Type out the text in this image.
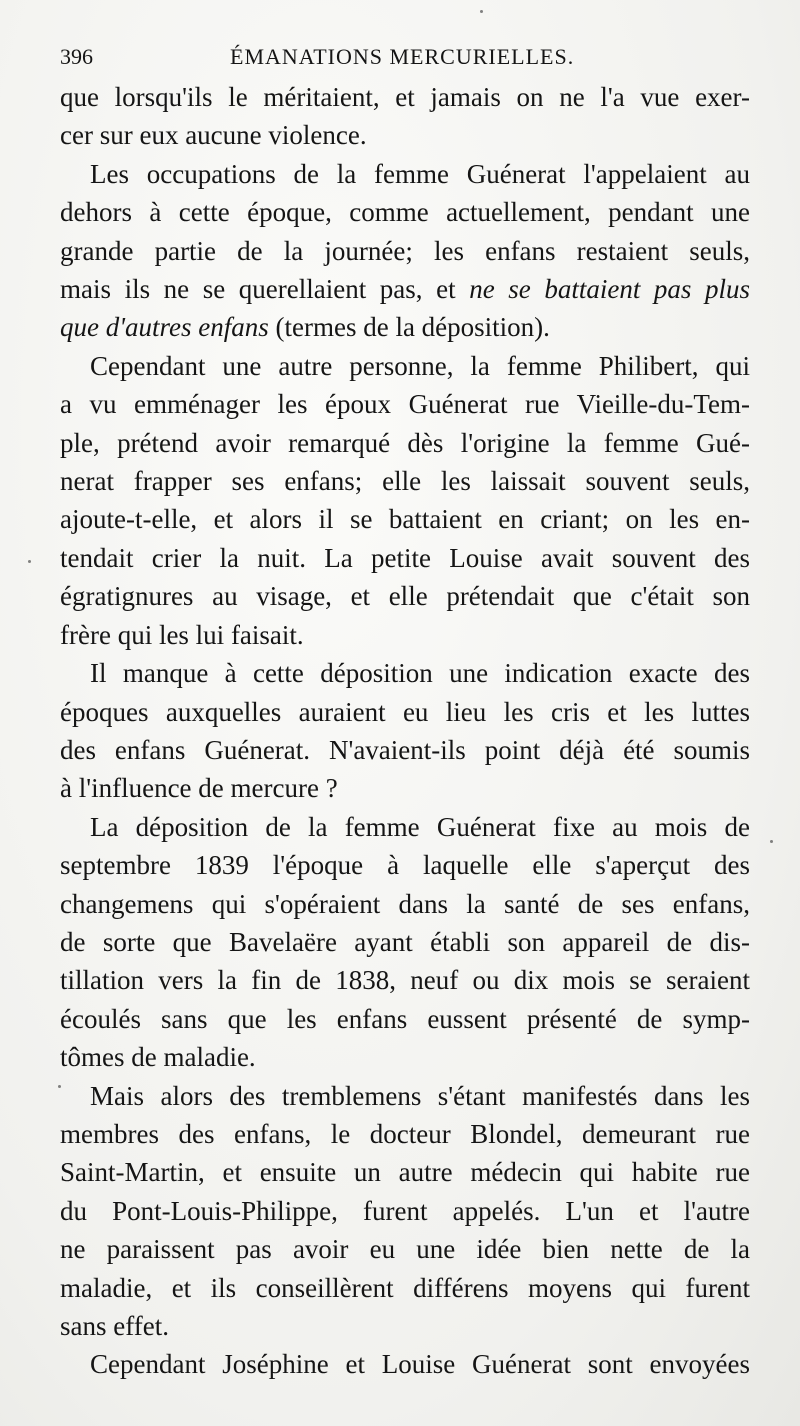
396	ÉMANATIONS MERCURIELLES.

que lorsqu'ils le méritaient, et jamais on ne l'a vue exer-

cer sur eux aucune violence.

Les occupations de la femme Guénerat l'appelaient au

dehors à cette époque, comme actuellement, pendant une

grande partie de la journée; les enfans restaient seuls,

mais ils ne se querellaient pas, et ne se battaient pas plus

que d'autres enfans (termes de la déposition).

Cependant une autre personne, la femme Philibert, qui

a vu emménager les époux Guénerat rue Vieille-du-Tem-

ple, prétend avoir remarqué dès l'origine la femme Gué-

nerat frapper ses enfans; elle les laissait souvent seuls,

ajoute-t-elle, et alors il se battaient en criant; on les en-

tendait crier la nuit. La petite Louise avait souvent des

égratignures au visage, et elle prétendait que c'était son

frère qui les lui faisait.

Il manque à cette déposition une indication exacte des

époques auxquelles auraient eu lieu les cris et les luttes

des enfans Guénerat. N'avaient-ils point déjà été soumis

à l'influence de mercure ?

La déposition de la femme Guénerat fixe au mois de

septembre 1839 l'époque à laquelle elle s'aperçut des

changemens qui s'opéraient dans la santé de ses enfans,

de sorte que Bavelaëre ayant établi son appareil de dis-

tillation vers la fin de 1838, neuf ou dix mois se seraient

écoulés sans que les enfans eussent présenté de symp-

tômes de maladie.

Mais alors des tremblemens s'étant manifestés dans les

membres des enfans, le docteur Blondel, demeurant rue

Saint-Martin, et ensuite un autre médecin qui habite rue

du Pont-Louis-Philippe, furent appelés. L'un et l'autre

ne paraissent pas avoir eu une idée bien nette de la

maladie, et ils conseillèrent différens moyens qui furent

sans effet.

Cependant Joséphine et Louise Guénerat sont envoyées
